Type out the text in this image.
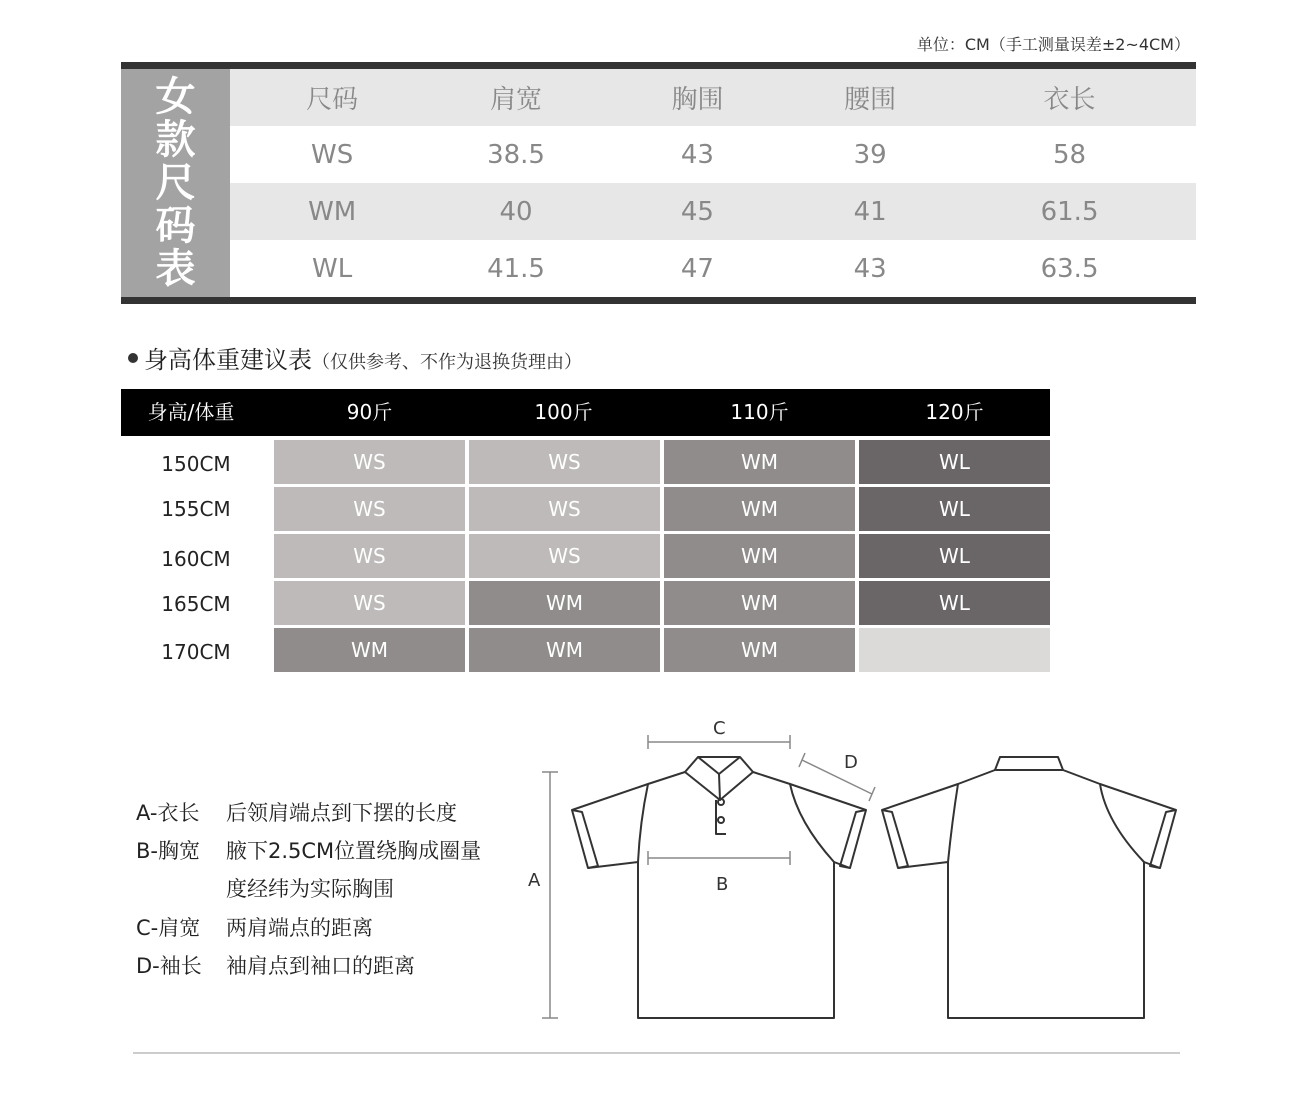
单位：CM（手工测量误差±2~4CM）
女款尺码表
尺码	肩宽	胸围	腰围	衣长
WS	38.5	43	39	58
WM	40	45	41	61.5
WL	41.5	47	43	63.5
身高体重建议表 （仅供参考、不作为退换货理由）
身高/体重	90斤	100斤	110斤	120斤
150CM	WS	WS	WM	WL
155CM	WS	WS	WM	WL
160CM	WS	WS	WM	WL
165CM	WS	WM	WM	WL
170CM	WM	WM	WM
A-衣长 后领肩端点到下摆的长度
B-胸宽 腋下2.5CM位置绕胸成圈量
度经纬为实际胸围
C-肩宽 两肩端点的距离
D-袖长 袖肩点到袖口的距离
A	B
C
D
